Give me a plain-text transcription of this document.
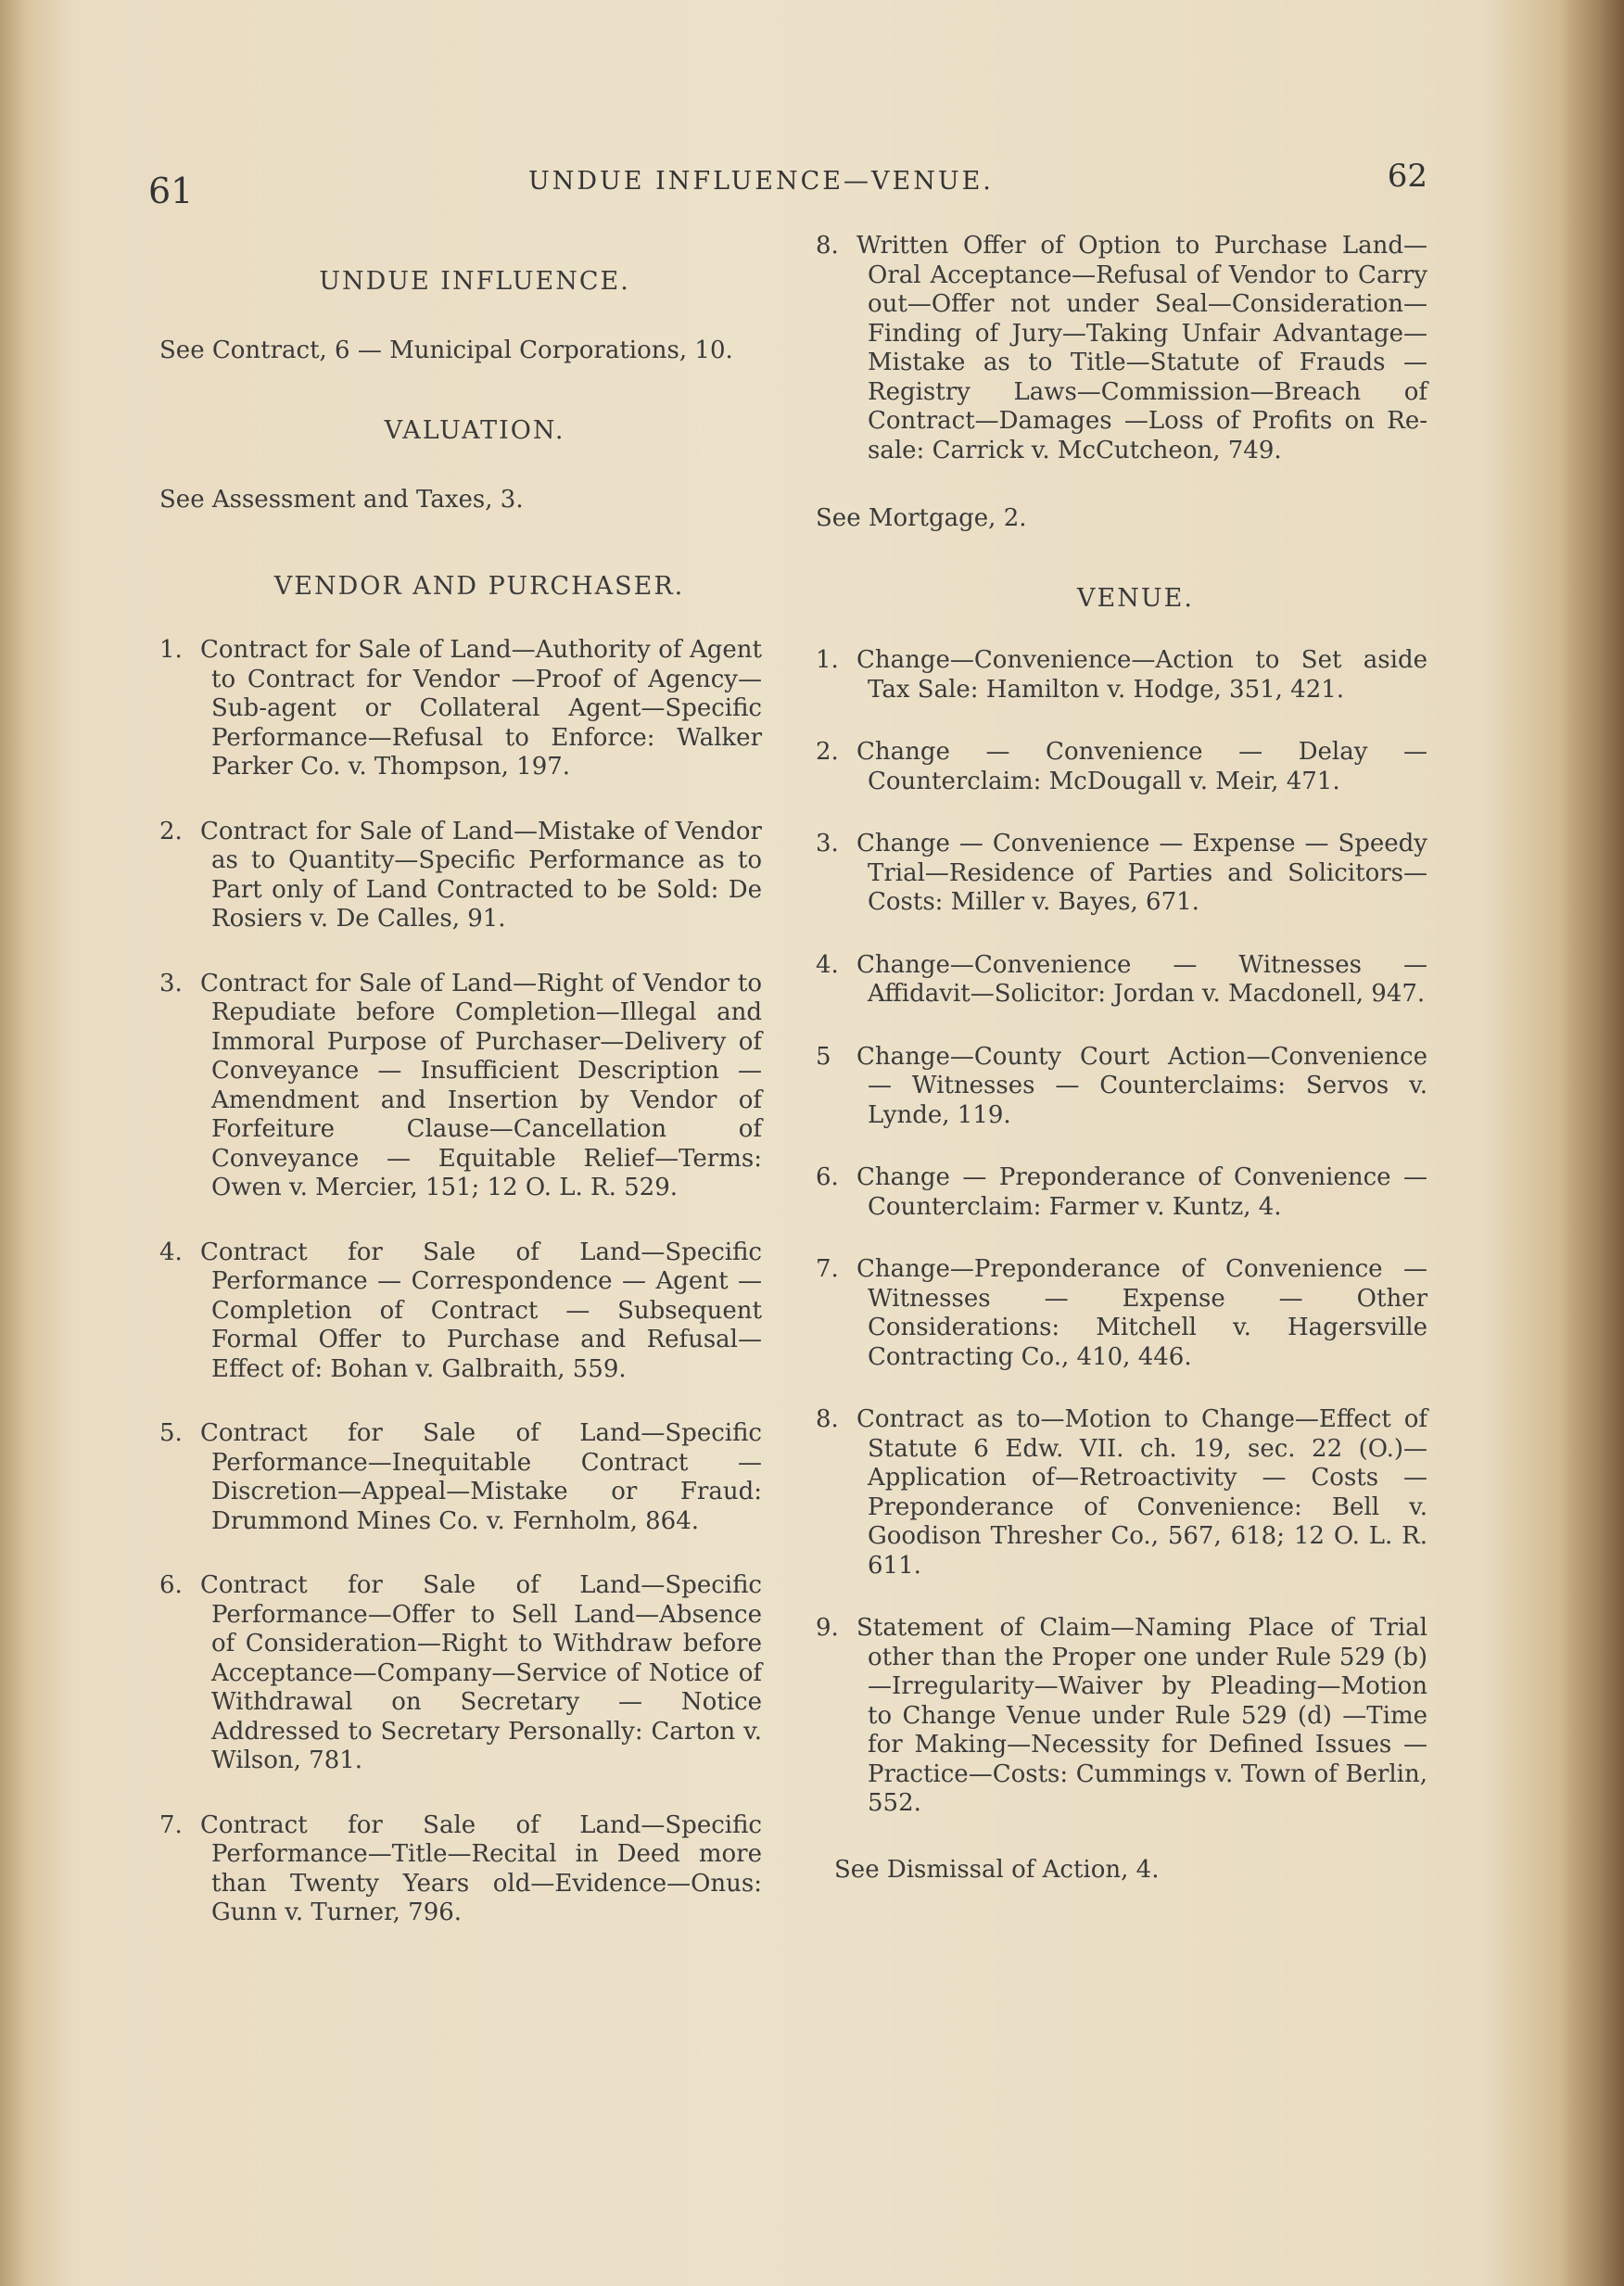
61	UNDUE INFLUENCE—VENUE.	62

UNDUE INFLUENCE.

See Contract, 6 — Municipal Corporations, 10.

VALUATION.

See Assessment and Taxes, 3.

VENDOR AND PURCHASER.

1. Contract for Sale of Land—Authority of Agent to Contract for Vendor —Proof of Agency—Sub-agent or Collateral Agent—Specific Performance—Refusal to Enforce: Walker Parker Co. v. Thompson, 197.

2. Contract for Sale of Land—Mistake of Vendor as to Quantity—Specific Performance as to Part only of Land Contracted to be Sold: De Rosiers v. De Calles, 91.

3. Contract for Sale of Land—Right of Vendor to Repudiate before Completion—Illegal and Immoral Purpose of Purchaser—Delivery of Conveyance — Insufficient Description — Amendment and Insertion by Vendor of Forfeiture Clause—Cancellation of Conveyance — Equitable Relief—Terms: Owen v. Mercier, 151; 12 O. L. R. 529.

4. Contract for Sale of Land—Specific Performance — Correspondence — Agent — Completion of Contract — Subsequent Formal Offer to Purchase and Refusal—Effect of: Bohan v. Galbraith, 559.

5. Contract for Sale of Land—Specific Performance—Inequitable Contract — Discretion—Appeal—Mistake or Fraud: Drummond Mines Co. v. Fernholm, 864.

6. Contract for Sale of Land—Specific Performance—Offer to Sell Land—Absence of Consideration—Right to Withdraw before Acceptance—Company—Service of Notice of Withdrawal on Secretary — Notice Addressed to Secretary Personally: Carton v. Wilson, 781.

7. Contract for Sale of Land—Specific Performance—Title—Recital in Deed more than Twenty Years old—Evidence—Onus: Gunn v. Turner, 796.

8. Written Offer of Option to Purchase Land—Oral Acceptance—Refusal of Vendor to Carry out—Offer not under Seal—Consideration—Finding of Jury—Taking Unfair Advantage—Mistake as to Title—Statute of Frauds — Registry Laws—Commission—Breach of Contract—Damages —Loss of Profits on Re-sale: Carrick v. McCutcheon, 749.

See Mortgage, 2.

VENUE.

1. Change—Convenience—Action to Set aside Tax Sale: Hamilton v. Hodge, 351, 421.

2. Change — Convenience — Delay — Counterclaim: McDougall v. Meir, 471.

3. Change — Convenience — Expense — Speedy Trial—Residence of Parties and Solicitors—Costs: Miller v. Bayes, 671.

4. Change—Convenience — Witnesses — Affidavit—Solicitor: Jordan v. Macdonell, 947.

5 Change—County Court Action—Convenience — Witnesses — Counterclaims: Servos v. Lynde, 119.

6. Change — Preponderance of Convenience — Counterclaim: Farmer v. Kuntz, 4.

7. Change—Preponderance of Convenience — Witnesses — Expense — Other Considerations: Mitchell v. Hagersville Contracting Co., 410, 446.

8. Contract as to—Motion to Change—Effect of Statute 6 Edw. VII. ch. 19, sec. 22 (O.)—Application of—Retroactivity — Costs — Preponderance of Convenience: Bell v. Goodison Thresher Co., 567, 618; 12 O. L. R. 611.

9. Statement of Claim—Naming Place of Trial other than the Proper one under Rule 529 (b)—Irregularity—Waiver by Pleading—Motion to Change Venue under Rule 529 (d) —Time for Making—Necessity for Defined Issues — Practice—Costs: Cummings v. Town of Berlin, 552.

See Dismissal of Action, 4.
